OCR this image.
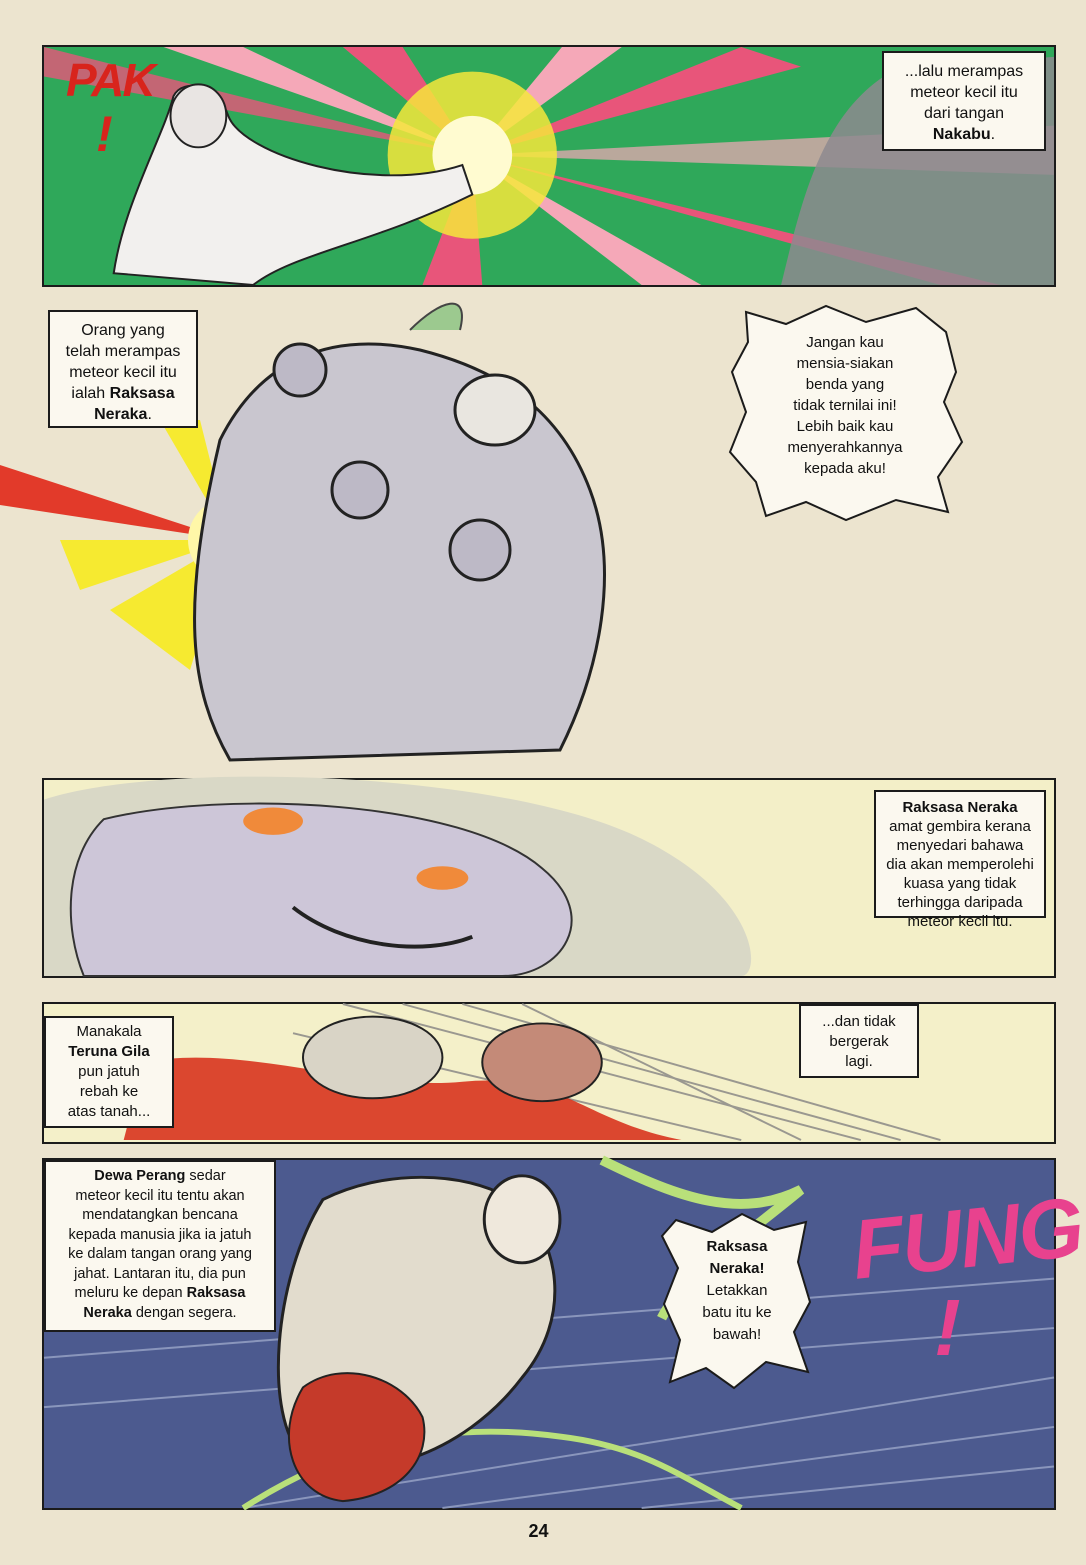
PAK
!
...lalu merampas
meteor kecil itu
dari tangan
Nakabu.
Orang yang
telah merampas
meteor kecil itu
ialah Raksasa
Neraka.
Jangan kau
mensia-siakan
benda yang
tidak ternilai ini!
Lebih baik kau
menyerahkannya
kepada aku!
Raksasa Neraka
amat gembira kerana
menyedari bahawa
dia akan memperolehi
kuasa yang tidak
terhingga daripada
meteor kecil itu.
Manakala
Teruna Gila
pun jatuh
rebah ke
atas tanah...
...dan tidak
bergerak
lagi.
Dewa Perang sedar
meteor kecil itu tentu akan
mendatangkan bencana
kepada manusia jika ia jatuh
ke dalam tangan orang yang
jahat. Lantaran itu, dia pun
meluru ke depan Raksasa
Neraka dengan segera.
Raksasa
Neraka!
Letakkan
batu itu ke
bawah!
FUNG
!
24
